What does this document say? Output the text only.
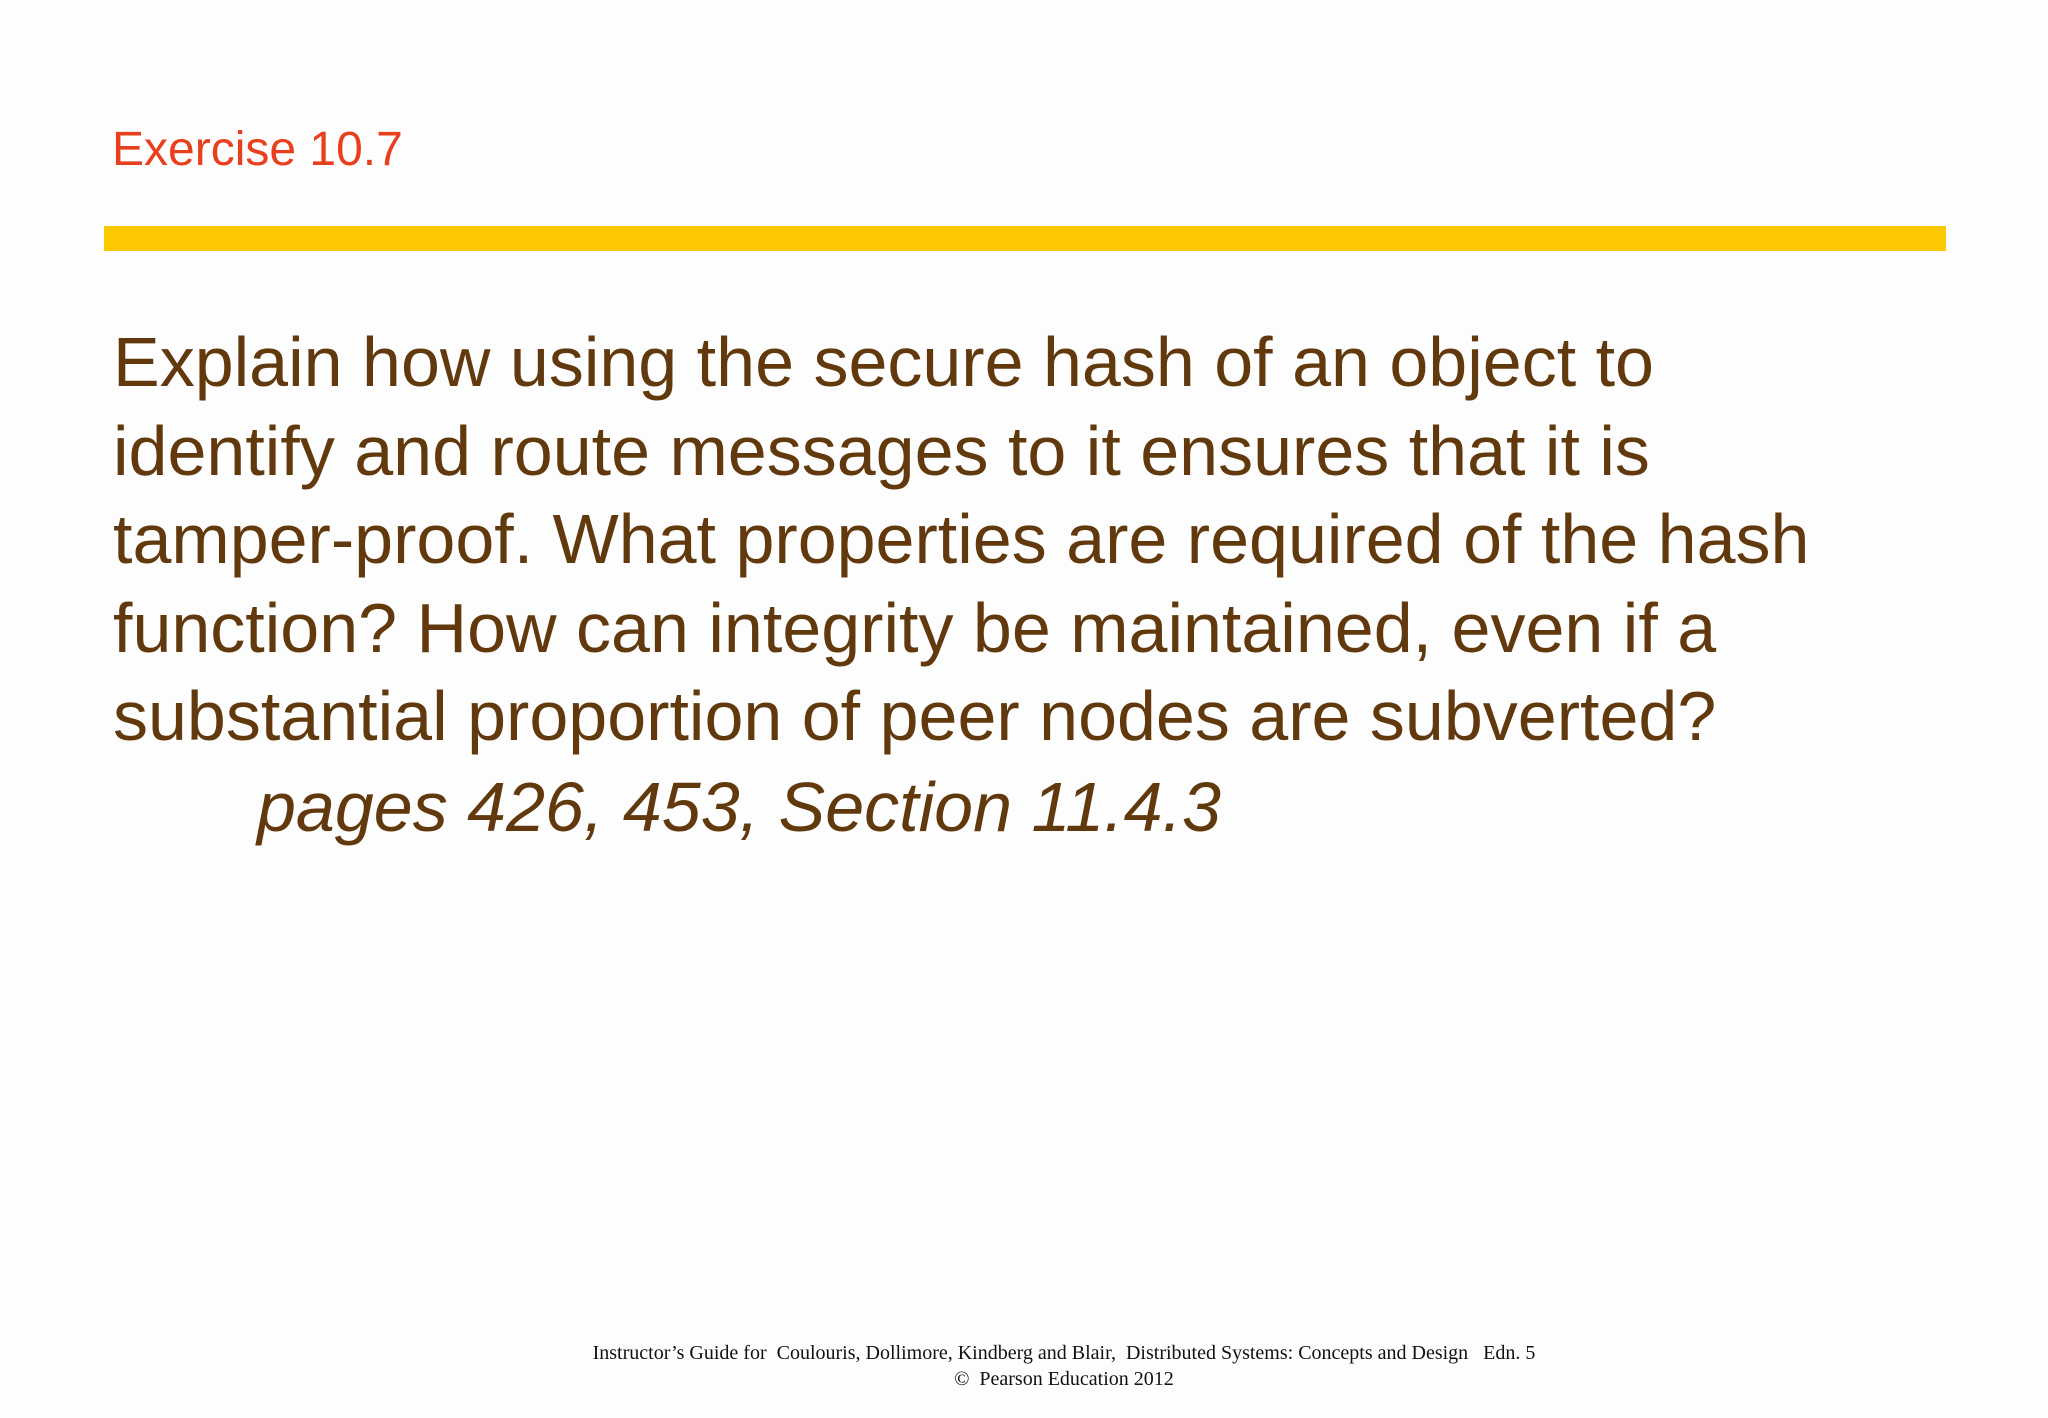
Exercise 10.7
Explain how using the secure hash of an object to
identify and route messages to it ensures that it is
tamper-proof. What properties are required of the hash
function? How can integrity be maintained, even if a
substantial proportion of peer nodes are subverted?
pages 426, 453, Section 11.4.3
Instructor’s Guide for  Coulouris, Dollimore, Kindberg and Blair,  Distributed Systems: Concepts and Design   Edn. 5
©  Pearson Education 2012
